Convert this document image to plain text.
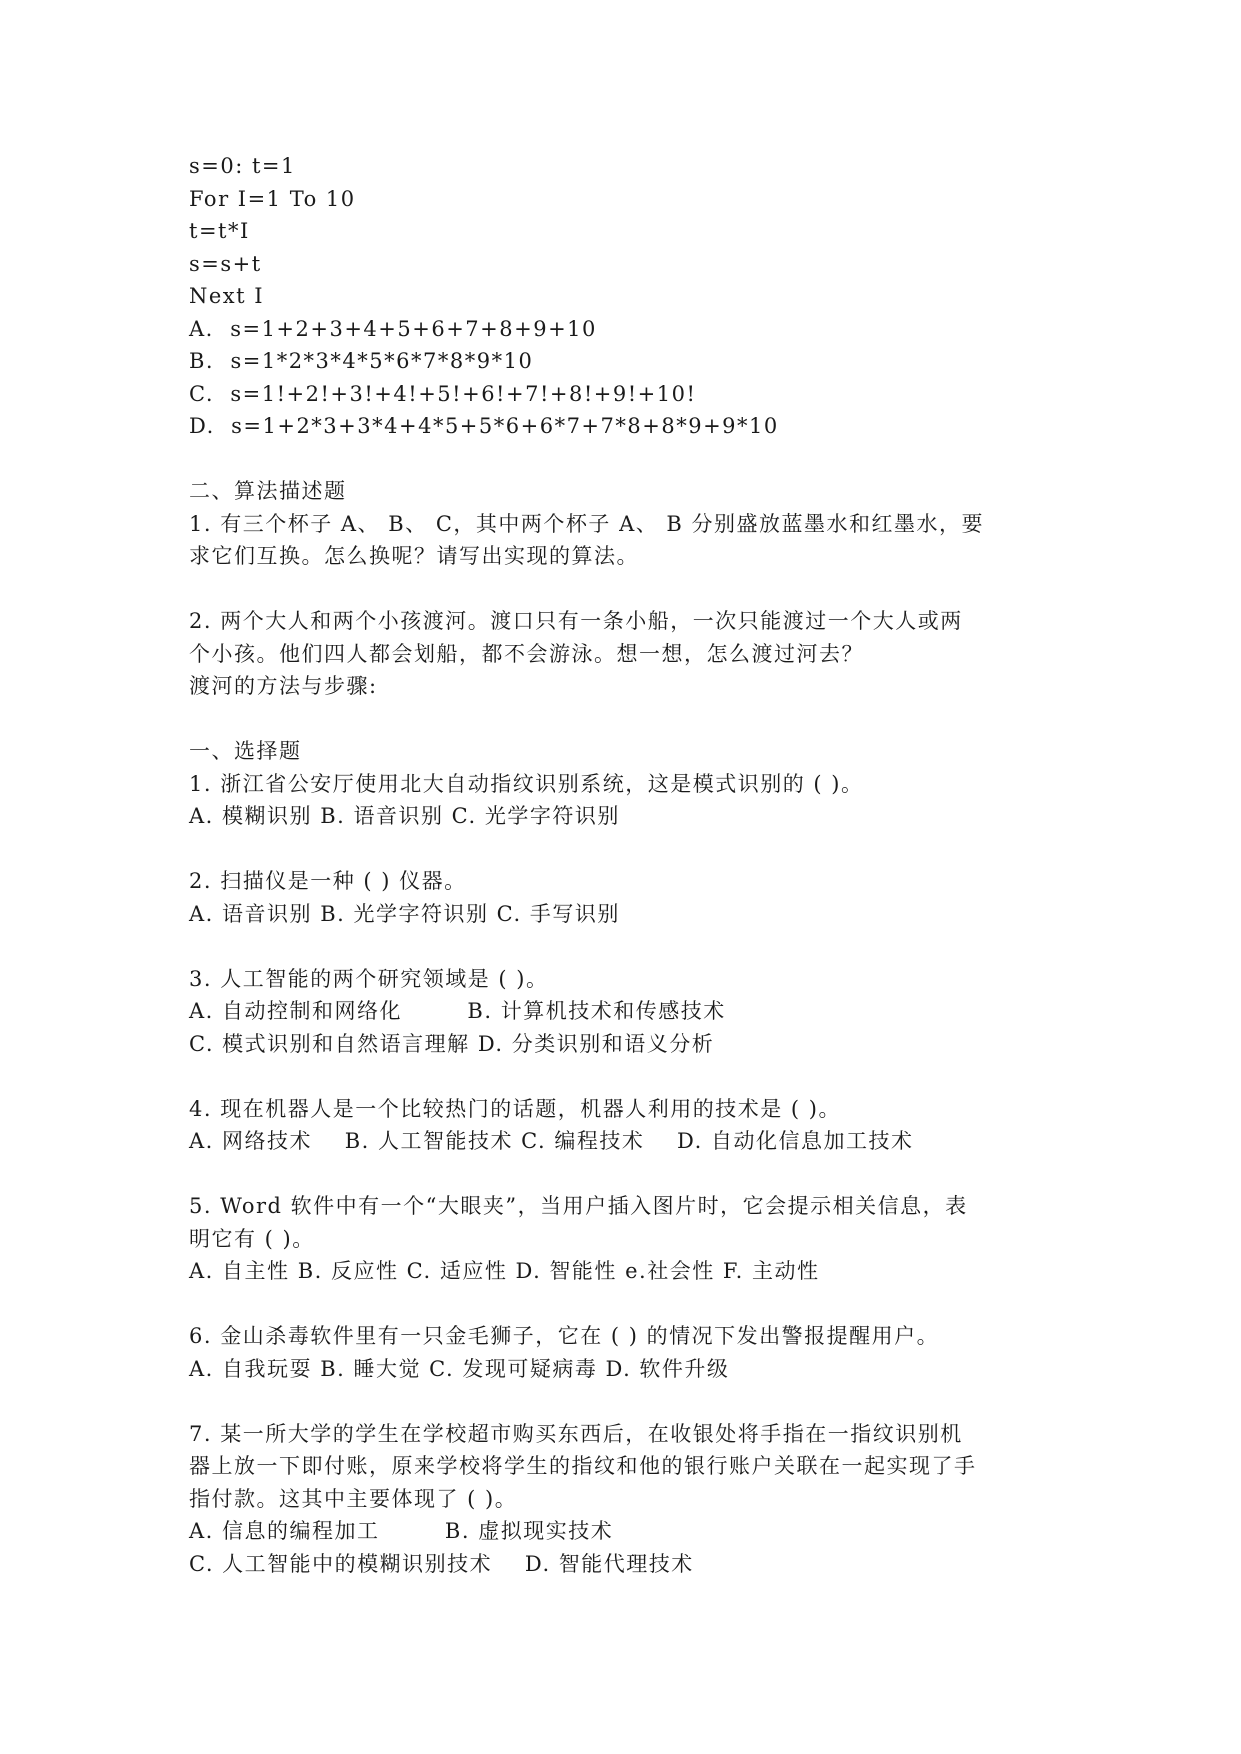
s=0: t=1
For I=1 To 10
t=t*I
s=s+t
Next I
A.  s=1+2+3+4+5+6+7+8+9+10
B.  s=1*2*3*4*5*6*7*8*9*10
C.  s=1!+2!+3!+4!+5!+6!+7!+8!+9!+10!
D.  s=1+2*3+3*4+4*5+5*6+6*7+7*8+8*9+9*10
二、算法描述题
1. 有三个杯子 A、 B、 C，其中两个杯子 A、 B 分别盛放蓝墨水和红墨水，要
求它们互换。怎么换呢？请写出实现的算法。
2. 两个大人和两个小孩渡河。渡口只有一条小船，一次只能渡过一个大人或两
个小孩。他们四人都会划船，都不会游泳。想一想，怎么渡过河去？
渡河的方法与步骤:
一、选择题
1. 浙江省公安厅使用北大自动指纹识别系统，这是模式识别的 ( )。
A. 模糊识别 B. 语音识别 C. 光学字符识别
2. 扫描仪是一种 ( ) 仪器。
A. 语音识别 B. 光学字符识别 C. 手写识别
3. 人工智能的两个研究领域是 ( )。
A. 自动控制和网络化        B. 计算机技术和传感技术
C. 模式识别和自然语言理解 D. 分类识别和语义分析
4. 现在机器人是一个比较热门的话题，机器人利用的技术是 ( )。
A. 网络技术    B. 人工智能技术 C. 编程技术    D. 自动化信息加工技术
5. Word 软件中有一个“大眼夹”，当用户插入图片时，它会提示相关信息，表
明它有 ( )。
A. 自主性 B. 反应性 C. 适应性 D. 智能性 e.社会性 F. 主动性
6. 金山杀毒软件里有一只金毛狮子，它在 ( ) 的情况下发出警报提醒用户。
A. 自我玩耍 B. 睡大觉 C. 发现可疑病毒 D. 软件升级
7. 某一所大学的学生在学校超市购买东西后，在收银处将手指在一指纹识别机
器上放一下即付账，原来学校将学生的指纹和他的银行账户关联在一起实现了手
指付款。这其中主要体现了 ( )。
A. 信息的编程加工        B. 虚拟现实技术
C. 人工智能中的模糊识别技术    D. 智能代理技术
